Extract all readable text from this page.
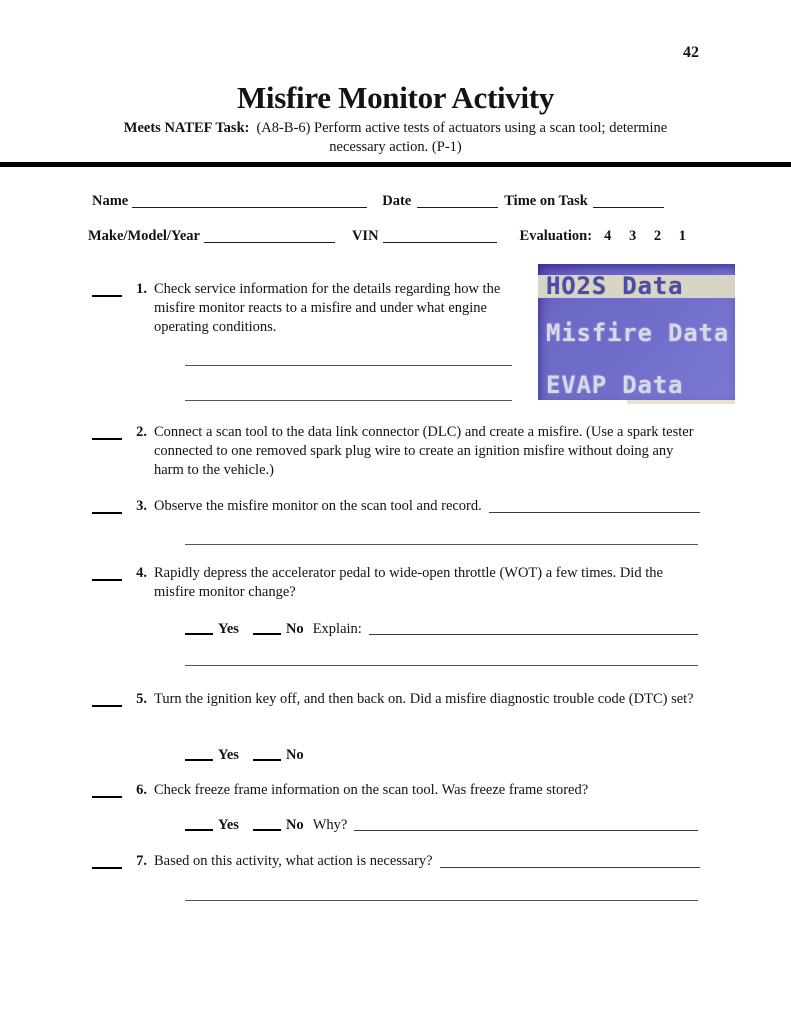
42
Misfire Monitor Activity
Meets NATEF Task: (A8-B-6) Perform active tests of actuators using a scan tool; determine
necessary action. (P-1)
Name	Date	Time on Task
Make/Model/Year	VIN	Evaluation: 4 3 2 1
1. Check service information for the details regarding how the misfire monitor reacts to a misfire and under what engine operating conditions.
HO2S Data
Misfire Data
EVAP Data
2. Connect a scan tool to the data link connector (DLC) and create a misfire. (Use a spark tester connected to one removed spark plug wire to create an ignition misfire without doing any harm to the vehicle.)
3. Observe the misfire monitor on the scan tool and record.
4. Rapidly depress the accelerator pedal to wide-open throttle (WOT) a few times. Did the misfire monitor change?
Yes	No Explain:
5. Turn the ignition key off, and then back on. Did a misfire diagnostic trouble code (DTC) set?
Yes	No
6. Check freeze frame information on the scan tool. Was freeze frame stored?
Yes	No Why?
7. Based on this activity, what action is necessary?
